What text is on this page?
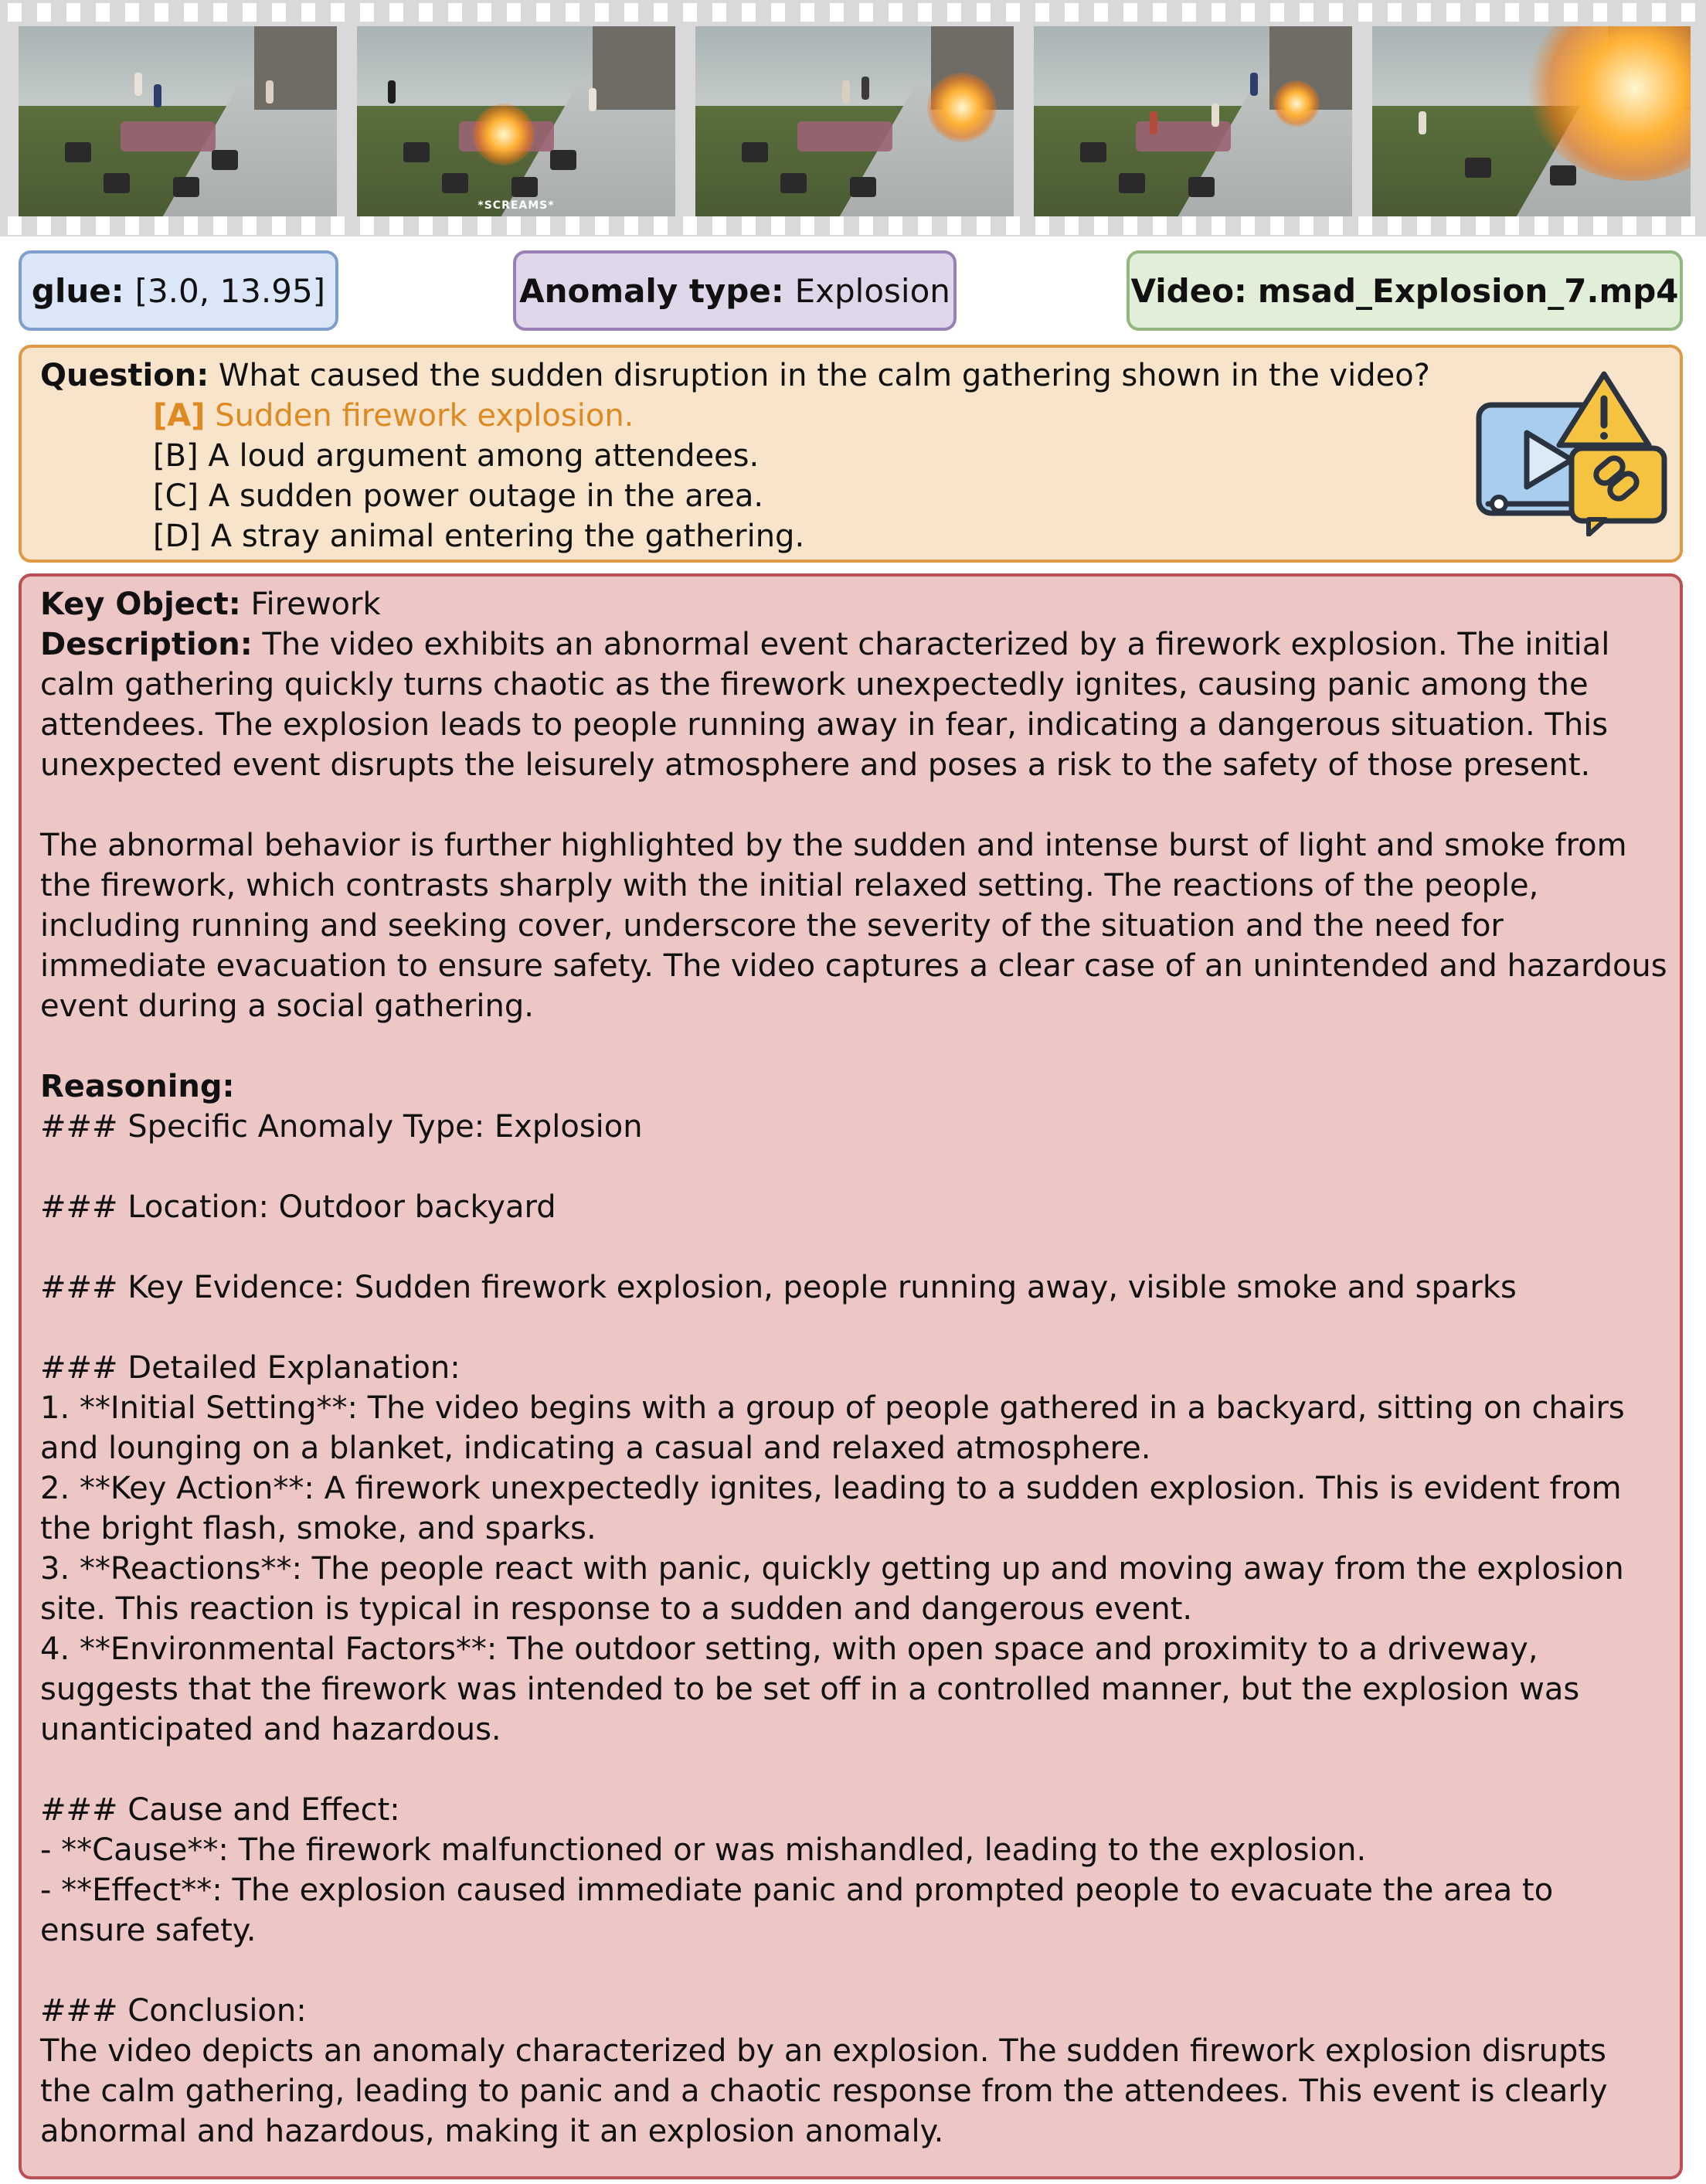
*SCREAMS*
glue: [3.0, 13.95]	Anomaly type: Explosion	Video: msad_Explosion_7.mp4
Question: What caused the sudden disruption in the calm gathering shown in the video?
[A] Sudden firework explosion.
[B] A loud argument among attendees.
[C] A sudden power outage in the area.
[D] A stray animal entering the gathering.
Key Object: Firework
Description: The video exhibits an abnormal event characterized by a firework explosion. The initial
calm gathering quickly turns chaotic as the firework unexpectedly ignites, causing panic among the
attendees. The explosion leads to people running away in fear, indicating a dangerous situation. This
unexpected event disrupts the leisurely atmosphere and poses a risk to the safety of those present.
The abnormal behavior is further highlighted by the sudden and intense burst of light and smoke from
the firework, which contrasts sharply with the initial relaxed setting. The reactions of the people,
including running and seeking cover, underscore the severity of the situation and the need for
immediate evacuation to ensure safety. The video captures a clear case of an unintended and hazardous
event during a social gathering.
Reasoning:
### Specific Anomaly Type: Explosion
### Location: Outdoor backyard
### Key Evidence: Sudden firework explosion, people running away, visible smoke and sparks
### Detailed Explanation:
1. **Initial Setting**: The video begins with a group of people gathered in a backyard, sitting on chairs
and lounging on a blanket, indicating a casual and relaxed atmosphere.
2. **Key Action**: A firework unexpectedly ignites, leading to a sudden explosion. This is evident from
the bright flash, smoke, and sparks.
3. **Reactions**: The people react with panic, quickly getting up and moving away from the explosion
site. This reaction is typical in response to a sudden and dangerous event.
4. **Environmental Factors**: The outdoor setting, with open space and proximity to a driveway,
suggests that the firework was intended to be set off in a controlled manner, but the explosion was
unanticipated and hazardous.
### Cause and Effect:
- **Cause**: The firework malfunctioned or was mishandled, leading to the explosion.
- **Effect**: The explosion caused immediate panic and prompted people to evacuate the area to
ensure safety.
### Conclusion:
The video depicts an anomaly characterized by an explosion. The sudden firework explosion disrupts
the calm gathering, leading to panic and a chaotic response from the attendees. This event is clearly
abnormal and hazardous, making it an explosion anomaly.
